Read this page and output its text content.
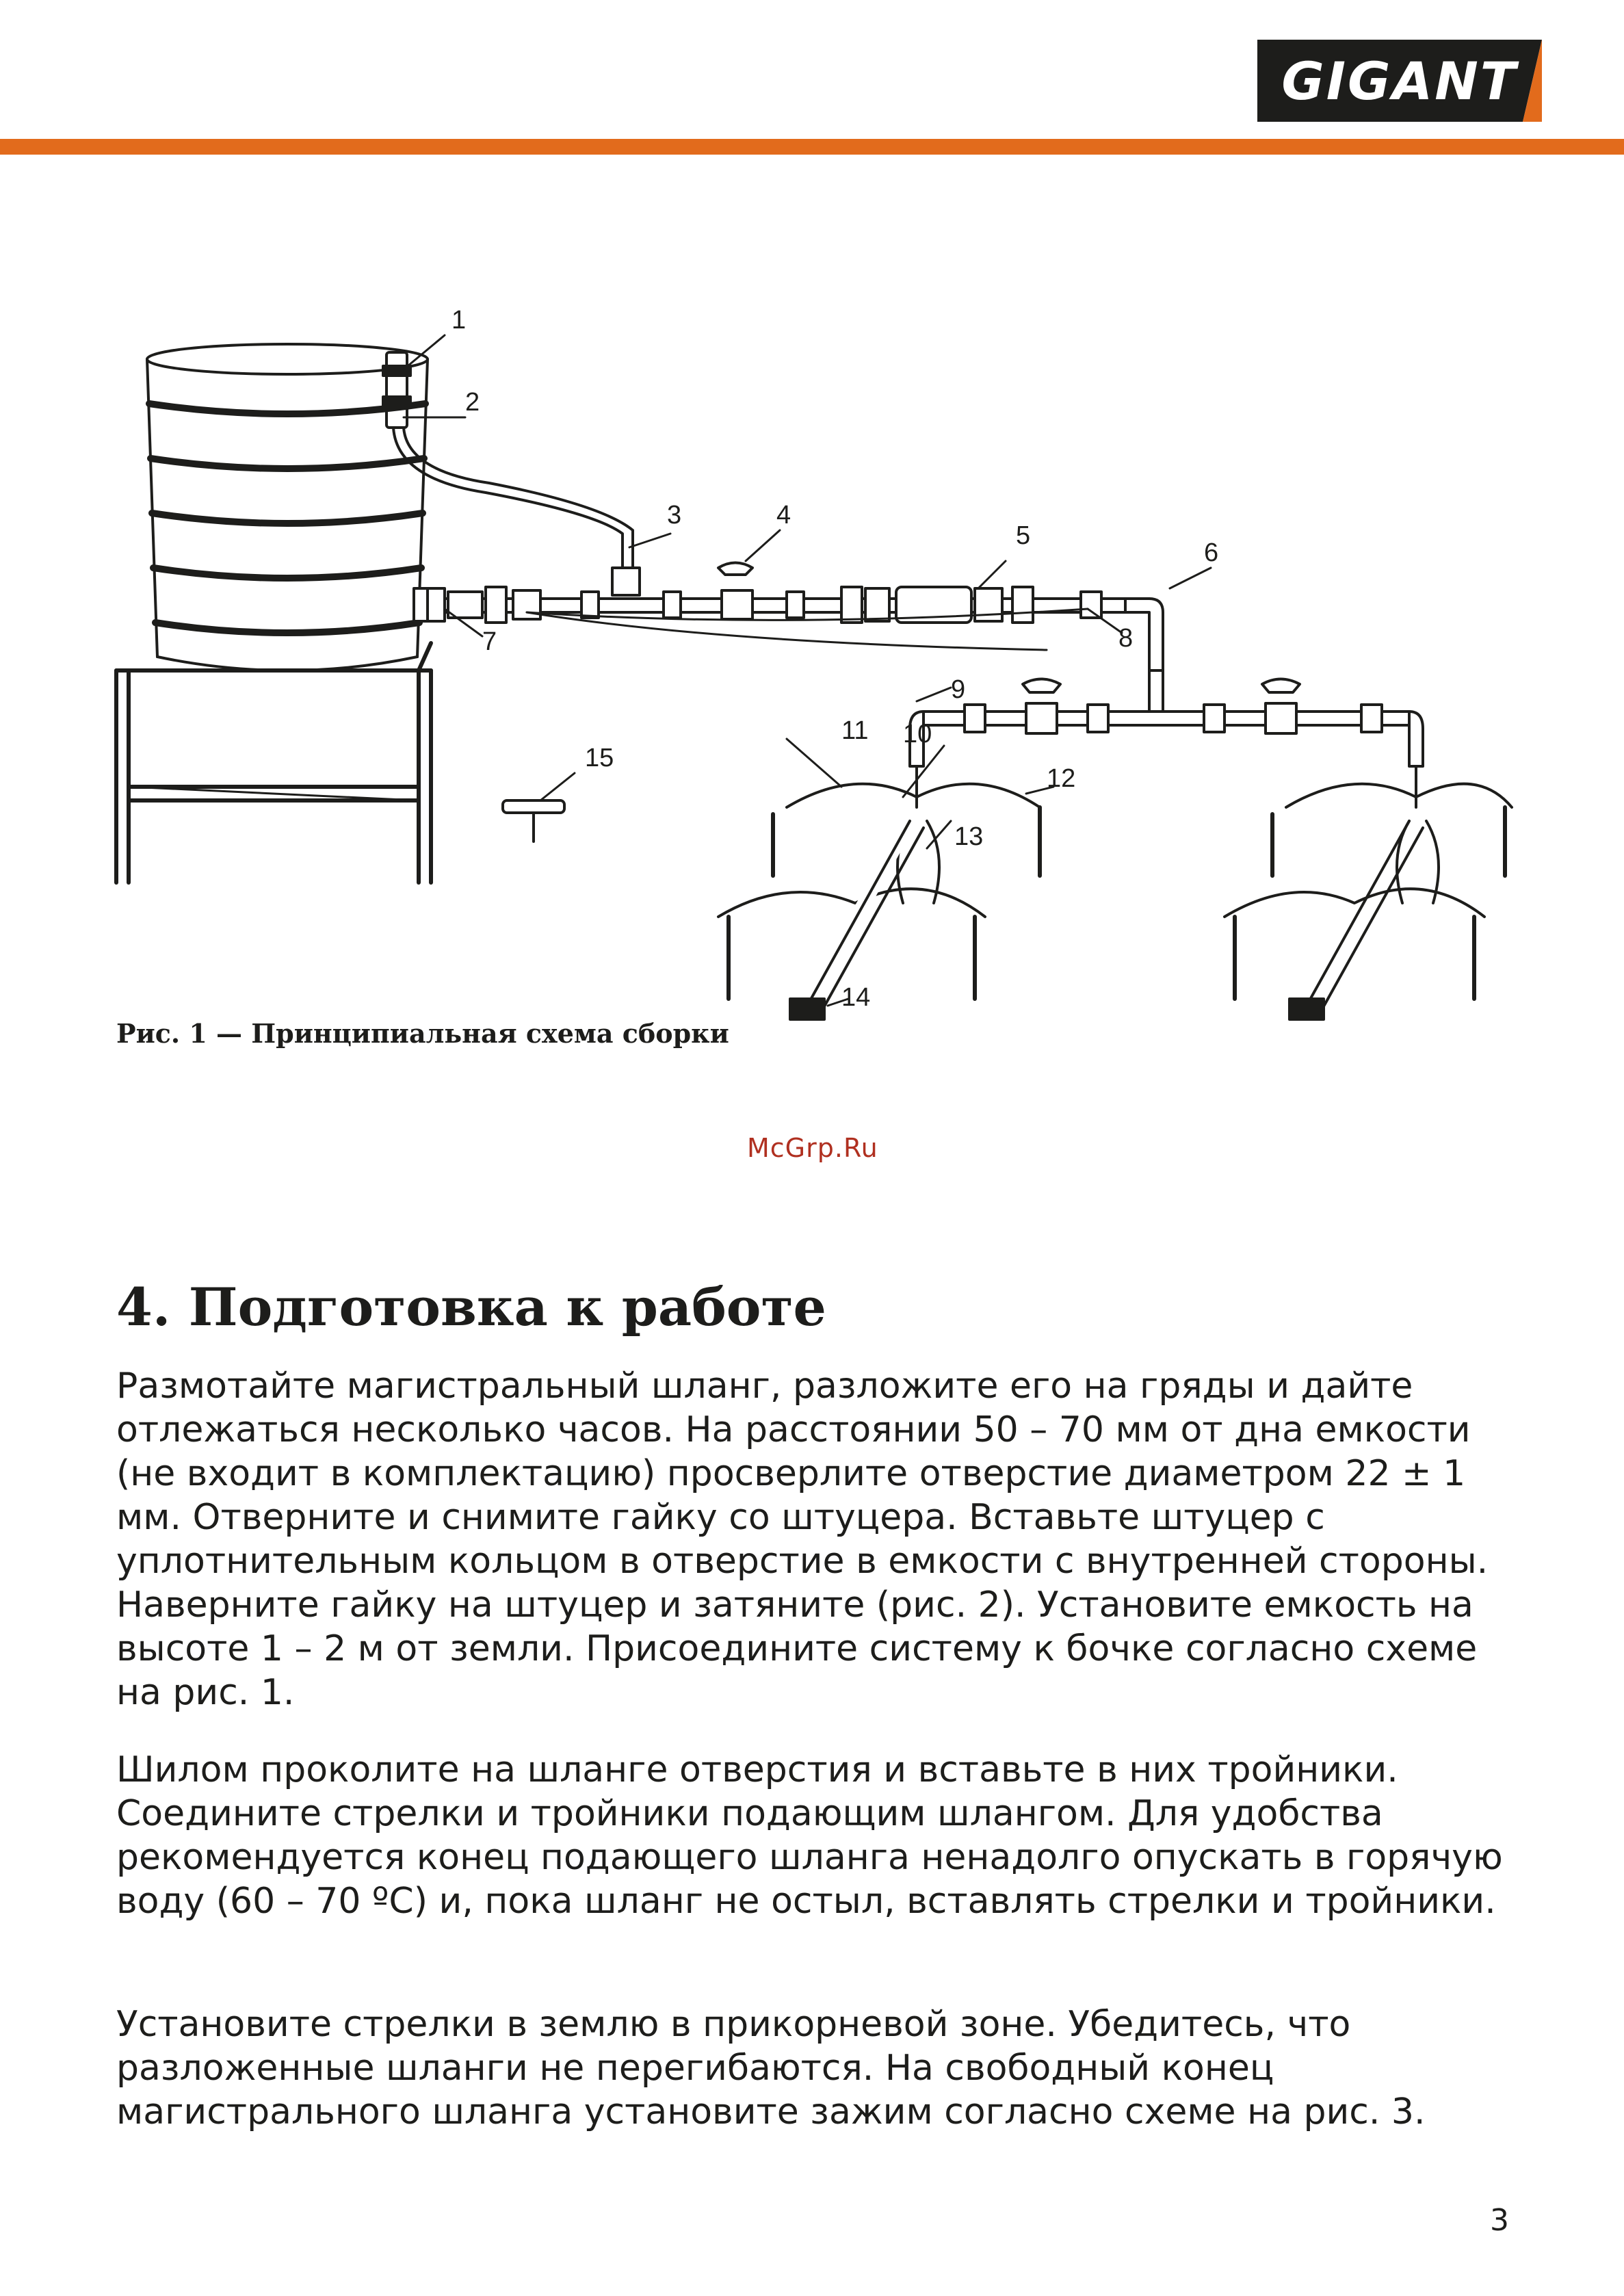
GIGANT
1
2
3	4
5
6
7	8
9
11 10
12
13
14
15
Рис. 1 — Принципиальная схема сборки
McGrp.Ru
4. Подготовка к работе

Размотайте магистральный шланг, разложите его на гряды и дайте отлежаться несколько часов. На расстоянии 50 – 70 мм от дна емкости (не входит в комплектацию) просверлите отверстие диаметром 22 ± 1 мм. Отверните и снимите гайку со штуцера. Вставьте штуцер с уплотнительным кольцом в отверстие в емкости с внутренней стороны. Наверните гайку на штуцер и затяните (рис. 2). Установите емкость на высоте 1 – 2 м от земли. Присоедините систему к бочке согласно схеме на рис. 1.

Шилом проколите на шланге отверстия и вставьте в них тройники. Соедините стрелки и тройники подающим шлангом. Для удобства рекомендуется конец подающего шланга ненадолго опускать в горячую воду (60 – 70 ºС) и, пока шланг не остыл, вставлять стрелки и тройники.

Установите стрелки в землю в прикорневой зоне. Убедитесь, что разложенные шланги не перегибаются. На свободный конец магистрального шланга установите зажим согласно схеме на рис. 3.

3
